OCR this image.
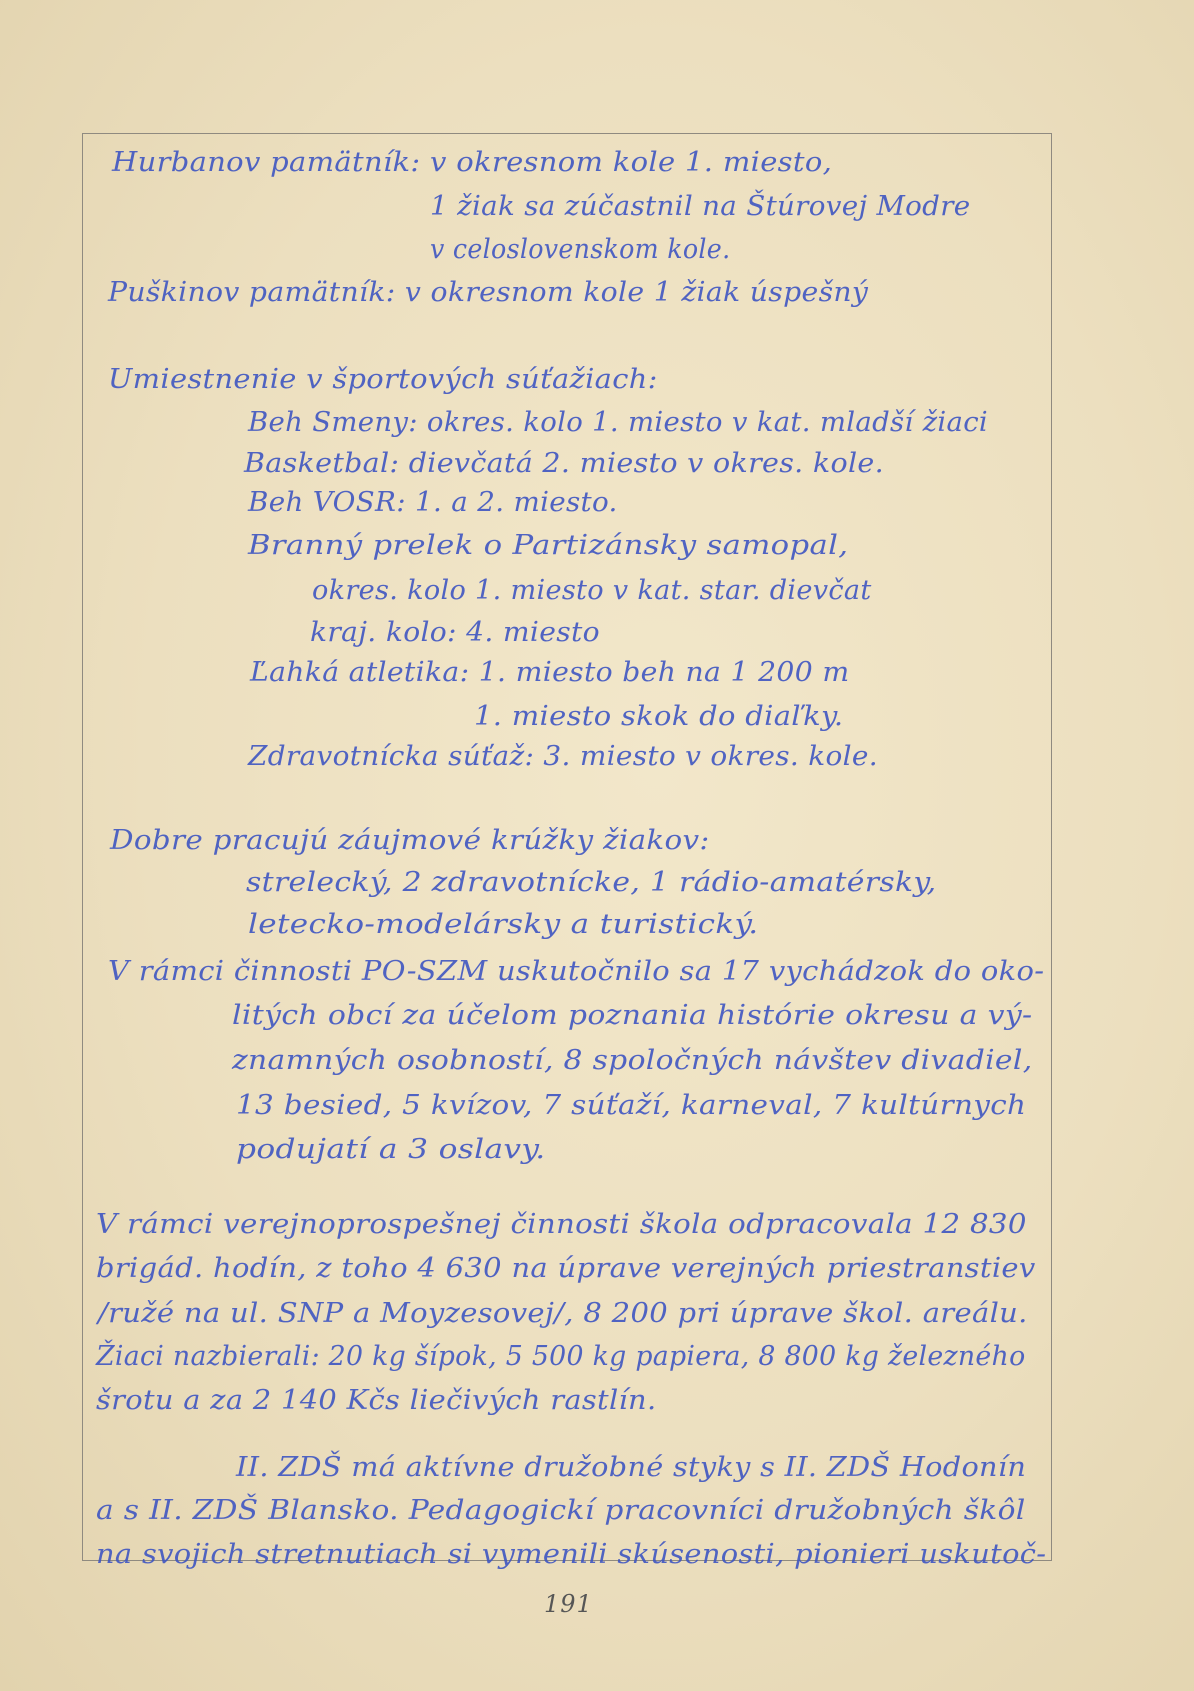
Hurbanov pamätník: v okresnom kole 1. miesto,

1 žiak sa zúčastnil na Štúrovej Modre

v celoslovenskom kole.

Puškinov pamätník: v okresnom kole 1 žiak úspešný

Umiestnenie v športových súťažiach:

Beh Smeny: okres. kolo 1. miesto v kat. mladší žiaci

Basketbal: dievčatá 2. miesto v okres. kole.

Beh VOSR: 1. a 2. miesto.

Branný prelek o Partizánsky samopal,

okres. kolo 1. miesto v kat. star. dievčat

kraj. kolo: 4. miesto

Ľahká atletika: 1. miesto beh na 1 200 m

1. miesto skok do diaľky.

Zdravotnícka súťaž: 3. miesto v okres. kole.

Dobre pracujú záujmové krúžky žiakov:

strelecký, 2 zdravotnícke, 1 rádio-amatérsky,

letecko-modelársky a turistický.

V rámci činnosti PO-SZM uskutočnilo sa 17 vychádzok do oko-

litých obcí za účelom poznania histórie okresu a vý-

znamných osobností, 8 spoločných návštev divadiel,

13 besied, 5 kvízov, 7 súťaží, karneval, 7 kultúrnych

podujatí a 3 oslavy.

V rámci verejnoprospešnej činnosti škola odpracovala 12 830

brigád. hodín, z toho 4 630 na úprave verejných priestranstiev

/ružé na ul. SNP a Moyzesovej/, 8 200 pri úprave škol. areálu.

Žiaci nazbierali: 20 kg šípok, 5 500 kg papiera, 8 800 kg železného

šrotu a za 2 140 Kčs liečivých rastlín.

II. ZDŠ má aktívne družobné styky s II. ZDŠ Hodonín

a s II. ZDŠ Blansko. Pedagogickí pracovníci družobných škôl

na svojich stretnutiach si vymenili skúsenosti, pionieri uskutoč-

191
